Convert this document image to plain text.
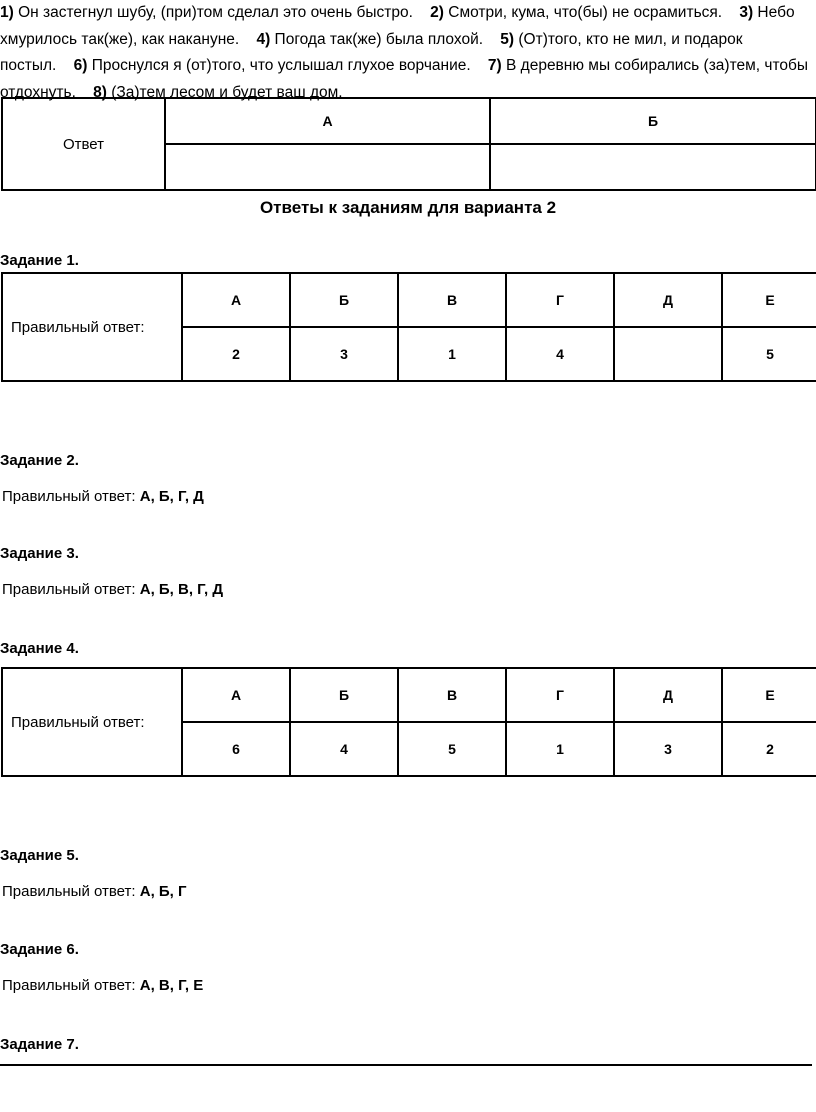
1) Он застегнул шубу, (при)том сделал это очень быстро. 2) Смотри, кума, что(бы) не осрамиться. 3) Небо хмурилось так(же), как накануне. 4) Погода так(же) была плохой. 5) (От)того, кто не мил, и подарок постыл. 6) Проснулся я (от)того, что услышал глухое ворчание. 7) В деревню мы собирались (за)тем, чтобы отдохнуть. 8) (За)тем лесом и будет ваш дом.
Ответ	А	Б

Ответы к заданиям для варианта 2
Задание 1.
Правильный ответ:	А	Б	В	Г	Д	Е
	2	3	1	4		5
Задание 2.
Правильный ответ: А, Б, Г, Д
Задание 3.
Правильный ответ: А, Б, В, Г, Д
Задание 4.
Правильный ответ:	А	Б	В	Г	Д	Е
	6	4	5	1	3	2
Задание 5.
Правильный ответ: А, Б, Г
Задание 6.
Правильный ответ: А, В, Г, Е
Задание 7.
